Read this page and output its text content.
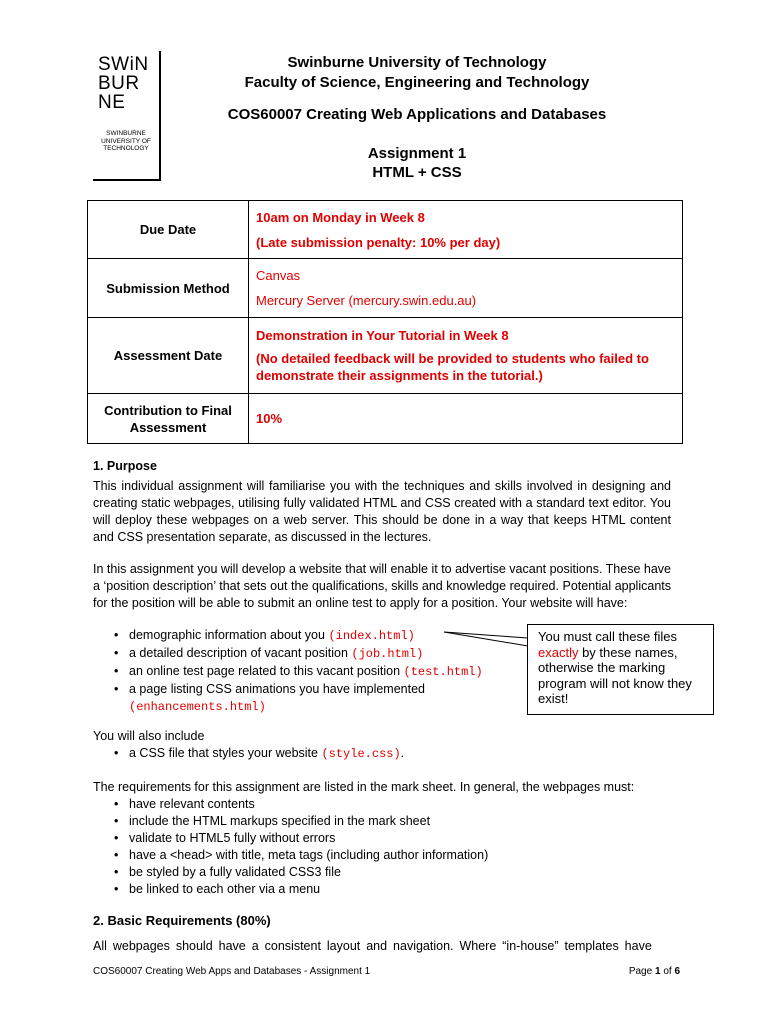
SWiN
BUR
NE
SWINBURNE
UNIVERSITY OF
TECHNOLOGY
Swinburne University of Technology
Faculty of Science, Engineering and Technology
COS60007 Creating Web Applications and Databases
Assignment 1
HTML + CSS
Due Date	10am on Monday in Week 8
(Late submission penalty: 10% per day)

Submission Method	Canvas
Mercury Server (mercury.swin.edu.au)

Assessment Date	Demonstration in Your Tutorial in Week 8
(No detailed feedback will be provided to students who failed to demonstrate their assignments in the tutorial.)

Contribution to Final Assessment	10%
1. Purpose
This individual assignment will familiarise you with the techniques and skills involved in designing and creating static webpages, utilising fully validated HTML and CSS created with a standard text editor. You will deploy these webpages on a web server. This should be done in a way that keeps HTML content and CSS presentation separate, as discussed in the lectures.
In this assignment you will develop a website that will enable it to advertise vacant positions. These have a ‘position description’ that sets out the qualifications, skills and knowledge required. Potential applicants for the position will be able to submit an online test to apply for a position. Your website will have:
• demographic information about you (index.html)
• a detailed description of vacant position (job.html)
• an online test page related to this vacant position (test.html)
• a page listing CSS animations you have implemented (enhancements.html)
You must call these files exactly by these names, otherwise the marking program will not know they exist!
You will also include
• a CSS file that styles your website (style.css).
The requirements for this assignment are listed in the mark sheet. In general, the webpages must:
• have relevant contents
• include the HTML markups specified in the mark sheet
• validate to HTML5 fully without errors
• have a <head> with title, meta tags (including author information)
• be styled by a fully validated CSS3 file
• be linked to each other via a menu
2. Basic Requirements (80%)
All webpages should have a consistent layout and navigation. Where “in-house” templates have
COS60007 Creating Web Apps and Databases - Assignment 1	Page 1 of 6
